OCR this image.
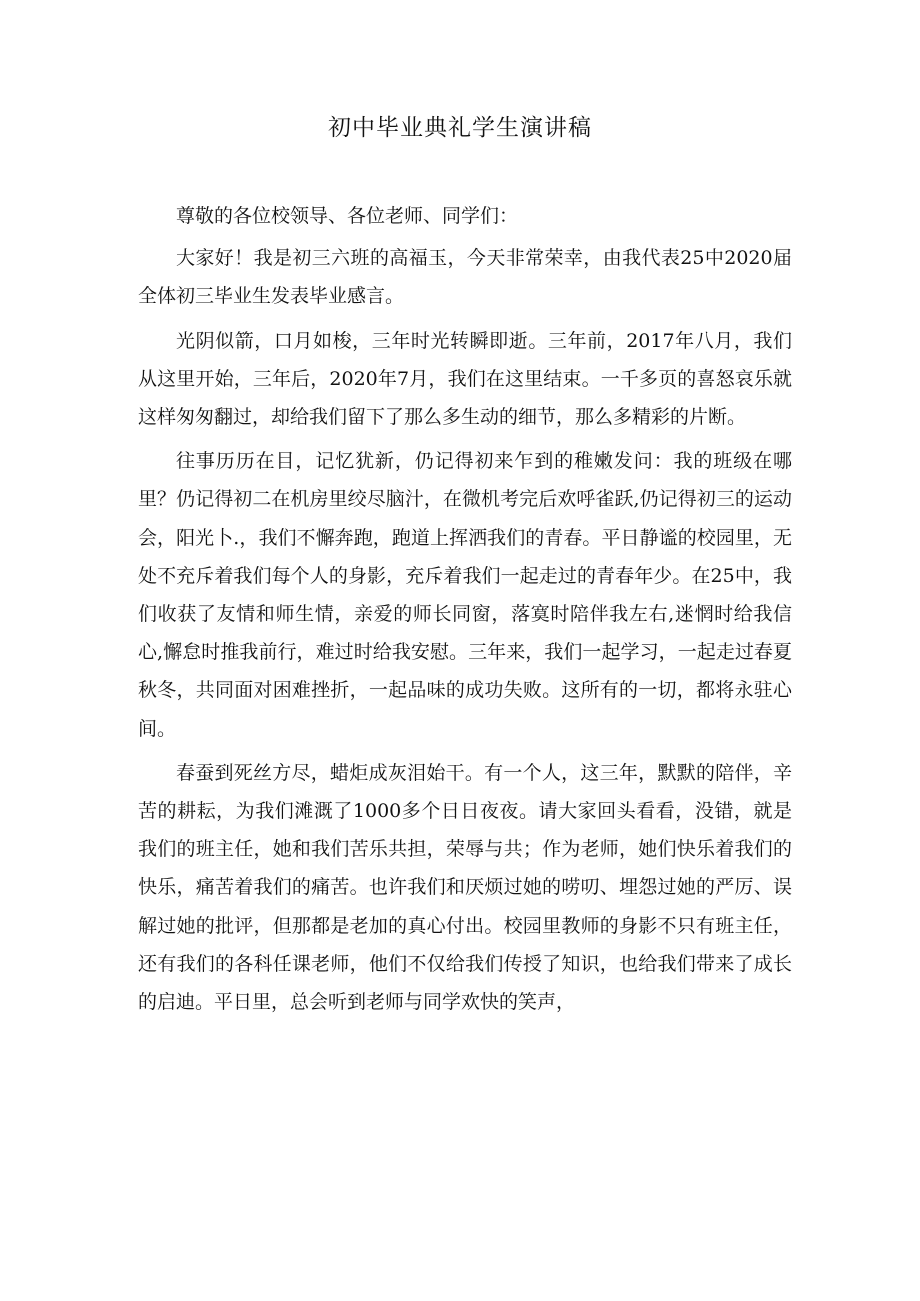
初中毕业典礼学生演讲稿

尊敬的各位校领导、各位老师、同学们：

大家好！我是初三六班的高福玉，今天非常荣幸，由我代表25中2020届全体初三毕业生发表毕业感言。

光阴似箭，口月如梭，三年时光转瞬即逝。三年前，2017年八月，我们从这里开始，三年后，2020年7月，我们在这里结束。一千多页的喜怒哀乐就这样匆匆翻过，却给我们留下了那么多生动的细节，那么多精彩的片断。

往事历历在目，记忆犹新，仍记得初来乍到的稚嫩发问：我的班级在哪里？仍记得初二在机房里绞尽脑汁，在微机考完后欢呼雀跃,仍记得初三的运动会，阳光卜.，我们不懈奔跑，跑道上挥洒我们的青春。平日静谧的校园里，无处不充斥着我们每个人的身影，充斥着我们一起走过的青春年少。在25中，我们收获了友情和师生情，亲爱的师长同窗，落寞时陪伴我左右,迷惘时给我信心,懈怠时推我前行，难过时给我安慰。三年来，我们一起学习，一起走过春夏秋冬，共同面对困难挫折，一起品味的成功失败。这所有的一切，都将永驻心间。

春蚕到死丝方尽，蜡炬成灰泪始干。有一个人，这三年，默默的陪伴，辛苦的耕耘，为我们滩溉了1000多个日日夜夜。请大家回头看看，没错，就是我们的班主任，她和我们苦乐共担，荣辱与共；作为老师，她们快乐着我们的快乐，痛苦着我们的痛苦。也许我们和厌烦过她的唠叨、埋怨过她的严厉、误解过她的批评，但那都是老加的真心付出。校园里教师的身影不只有班主任，还有我们的各科任课老师，他们不仅给我们传授了知识，也给我们带来了成长的启迪。平日里，总会听到老师与同学欢快的笑声，
